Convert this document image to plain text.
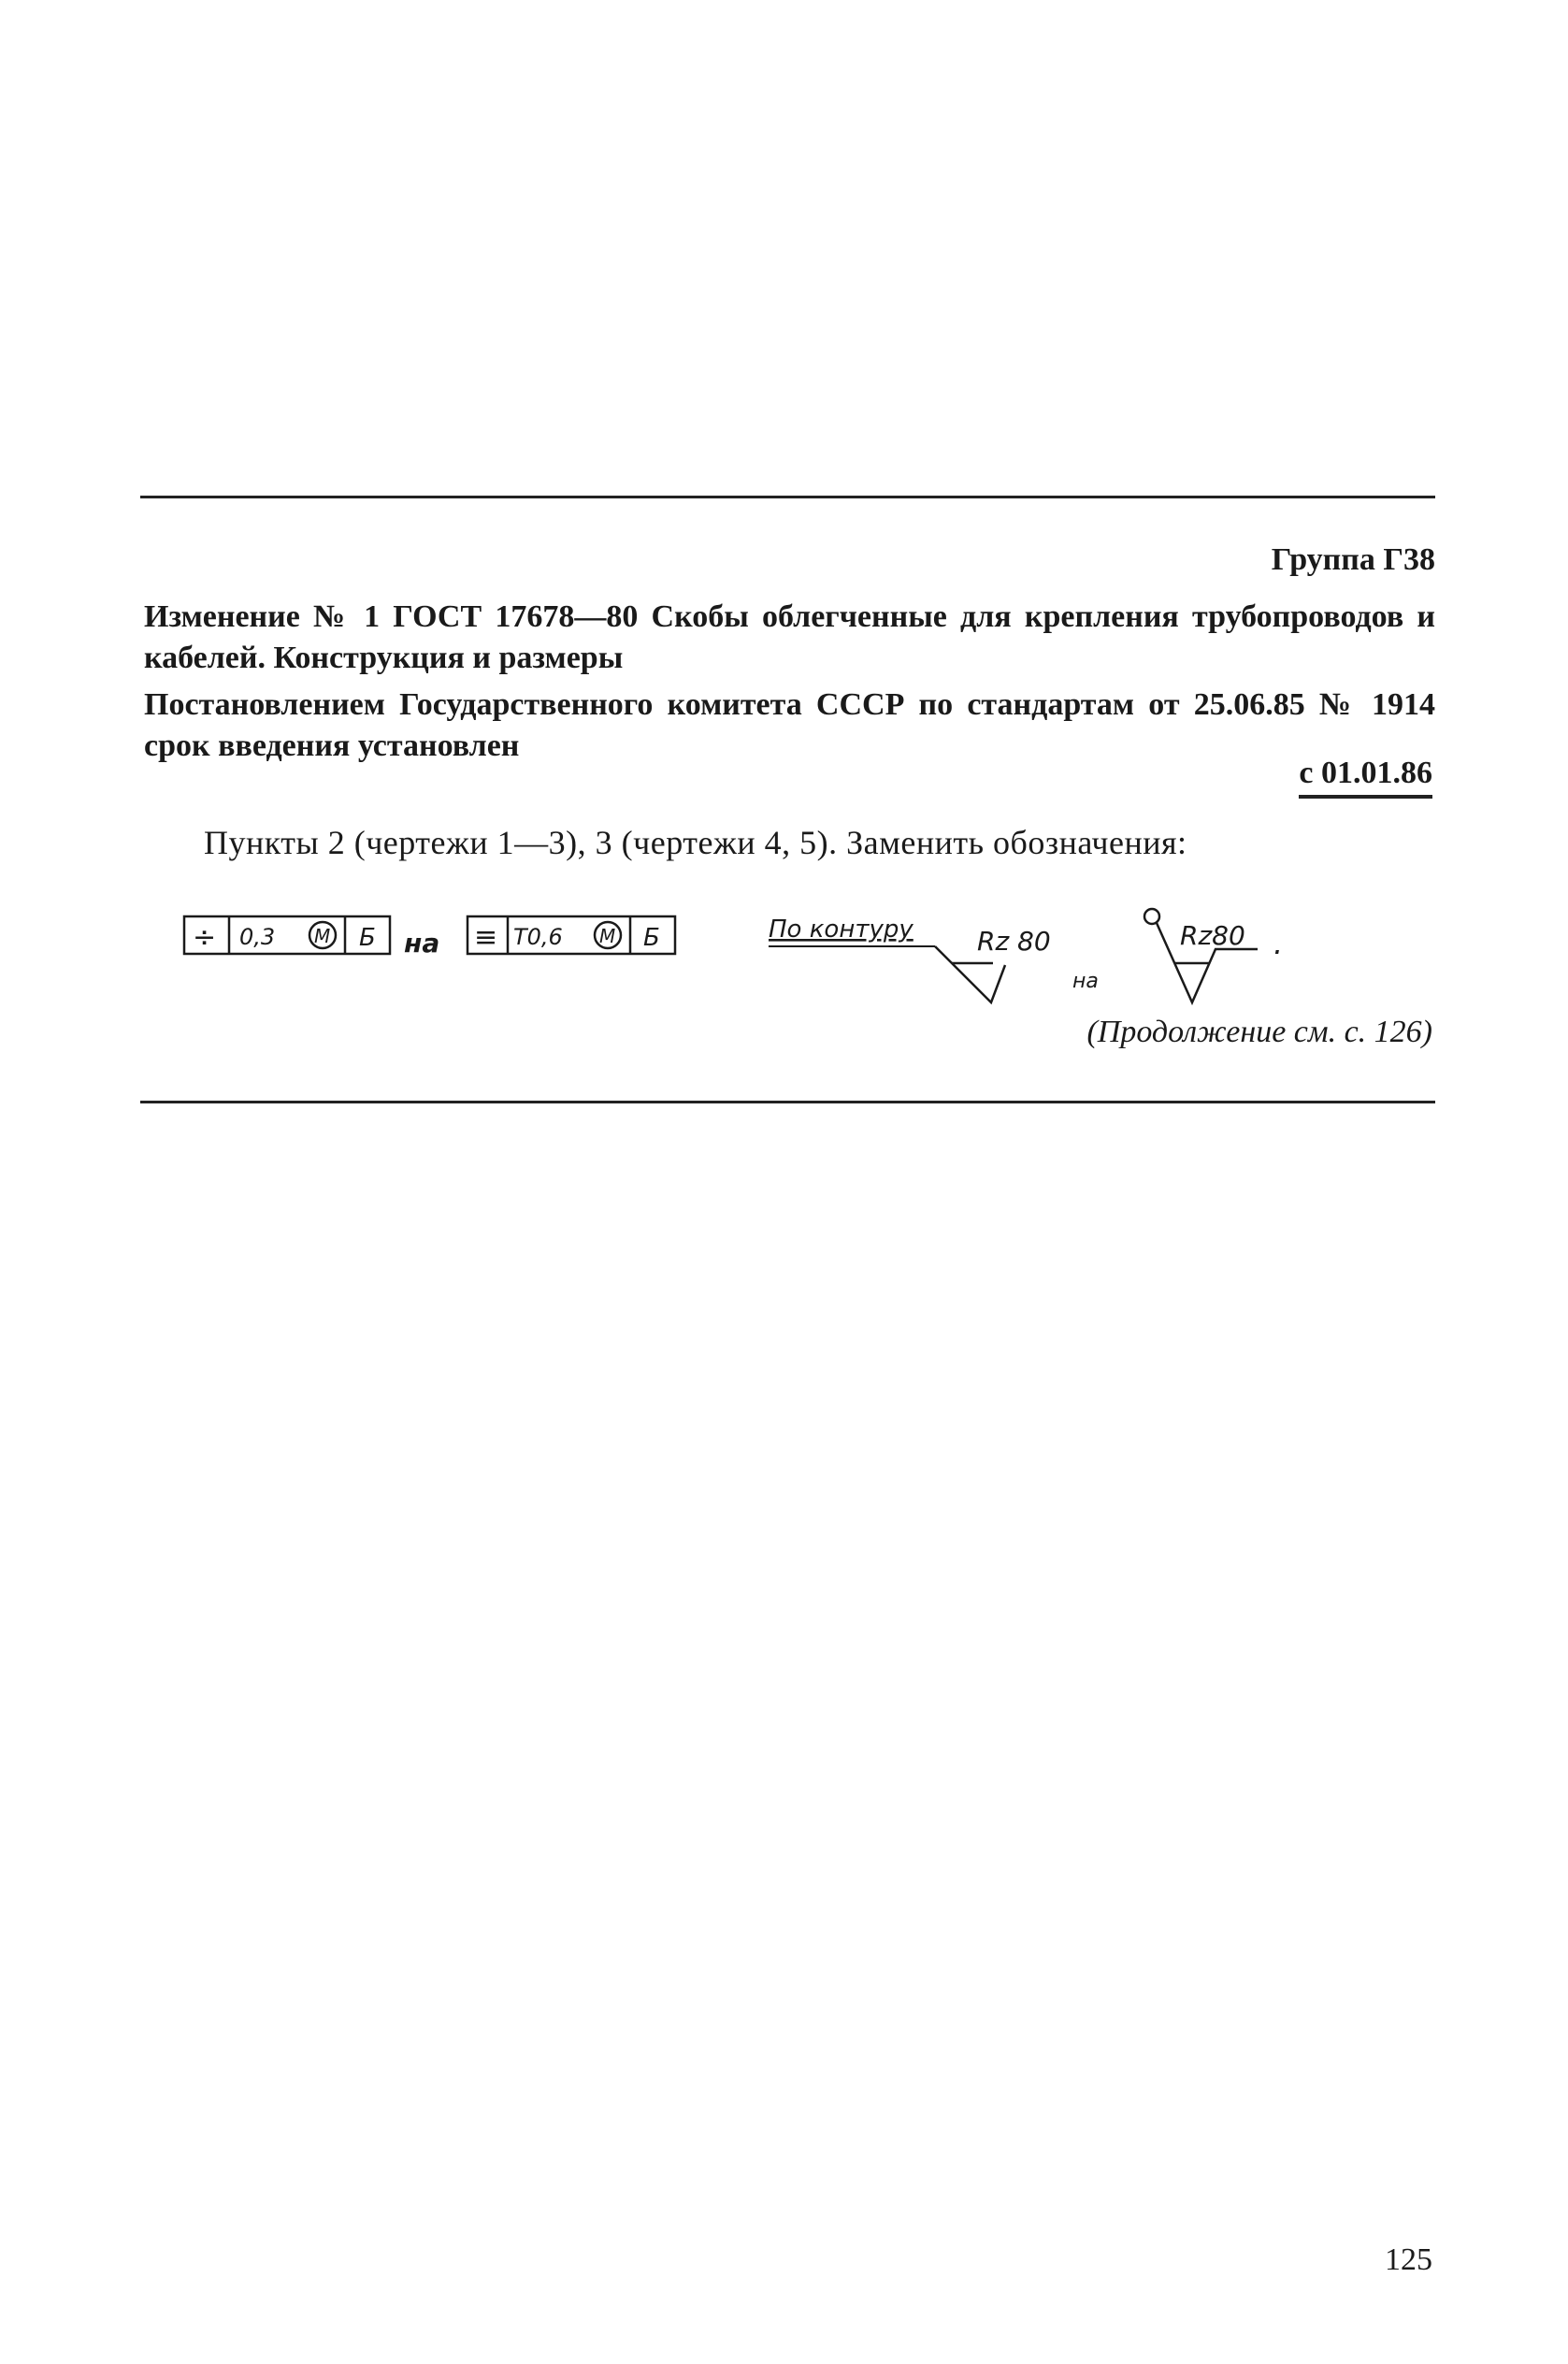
Группа Г38
Изменение № 1 ГОСТ 17678—80 Скобы облегченные для крепления трубопроводов и кабелей. Конструкция и размеры
Постановлением Государственного комитета СССР по стандартам от 25.06.85 № 1914 срок введения установлен
с 01.01.86
Пункты 2 (чертежи 1—3), 3 (чертежи 4, 5). Заменить обозначения:
÷ 0,3 M Б на ≡ T0,6 M Б	По контуру Rz 80
на
Rz80 .
(Продолжение см. с. 126)
125
